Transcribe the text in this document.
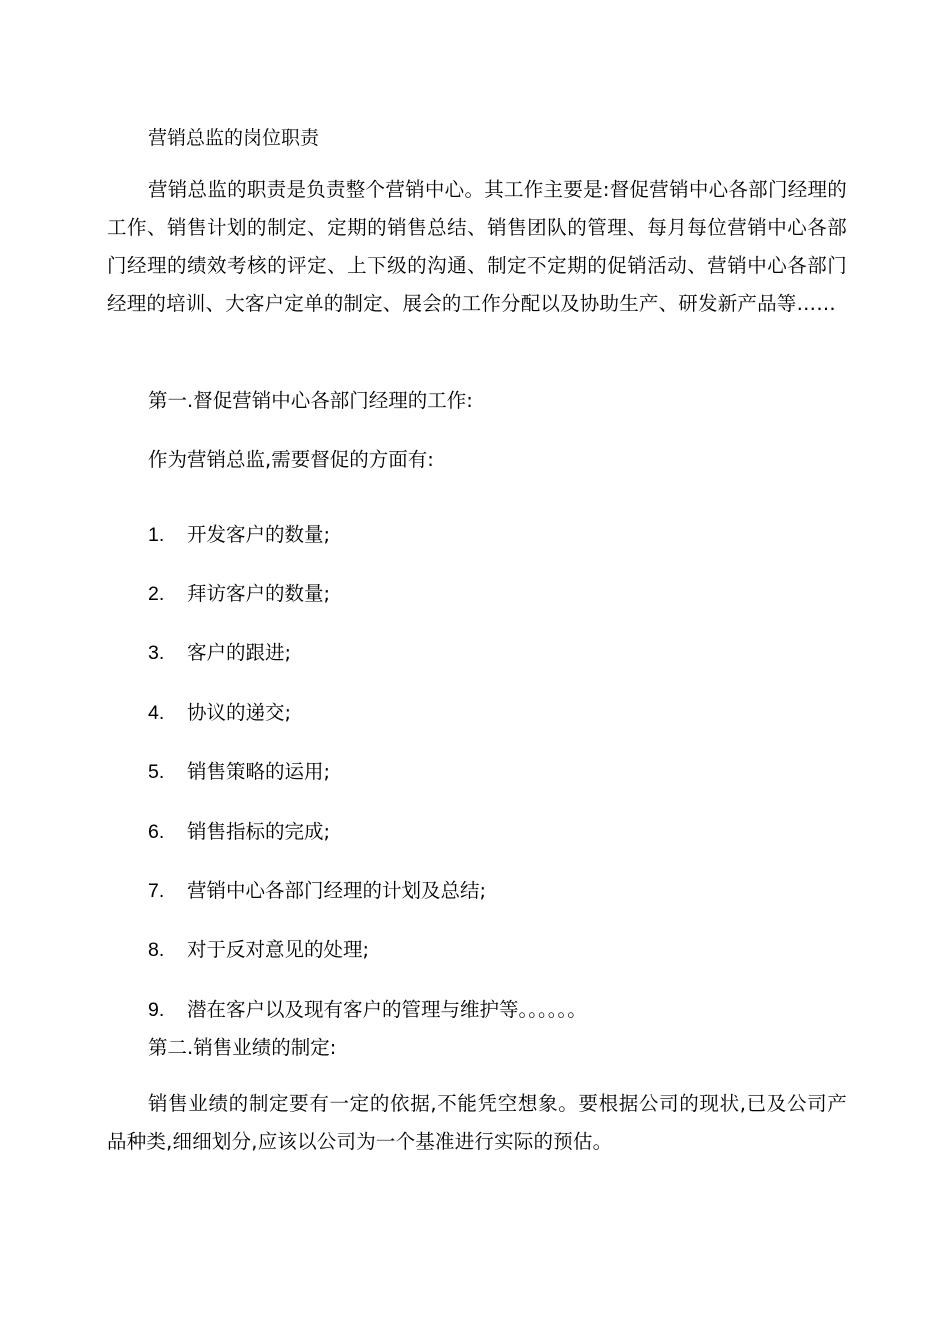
营销总监的岗位职责
营销总监的职责是负责整个营销中心。其工作主要是:督促营销中心各部门经理的工作、销售计划的制定、定期的销售总结、销售团队的管理、每月每位营销中心各部门经理的绩效考核的评定、上下级的沟通、制定不定期的促销活动、营销中心各部门经理的培训、大客户定单的制定、展会的工作分配以及协助生产、研发新产品等……
第一.督促营销中心各部门经理的工作:
作为营销总监,需要督促的方面有:
1.	开发客户的数量;
2.	拜访客户的数量;
3.	客户的跟进;
4.	协议的递交;
5.	销售策略的运用;
6.	销售指标的完成;
7.	营销中心各部门经理的计划及总结;
8.	对于反对意见的处理;
9.	潜在客户以及现有客户的管理与维护等。。。。。。
第二.销售业绩的制定:
销售业绩的制定要有一定的依据,不能凭空想象。要根据公司的现状,已及公司产品种类,细细划分,应该以公司为一个基准进行实际的预估。
